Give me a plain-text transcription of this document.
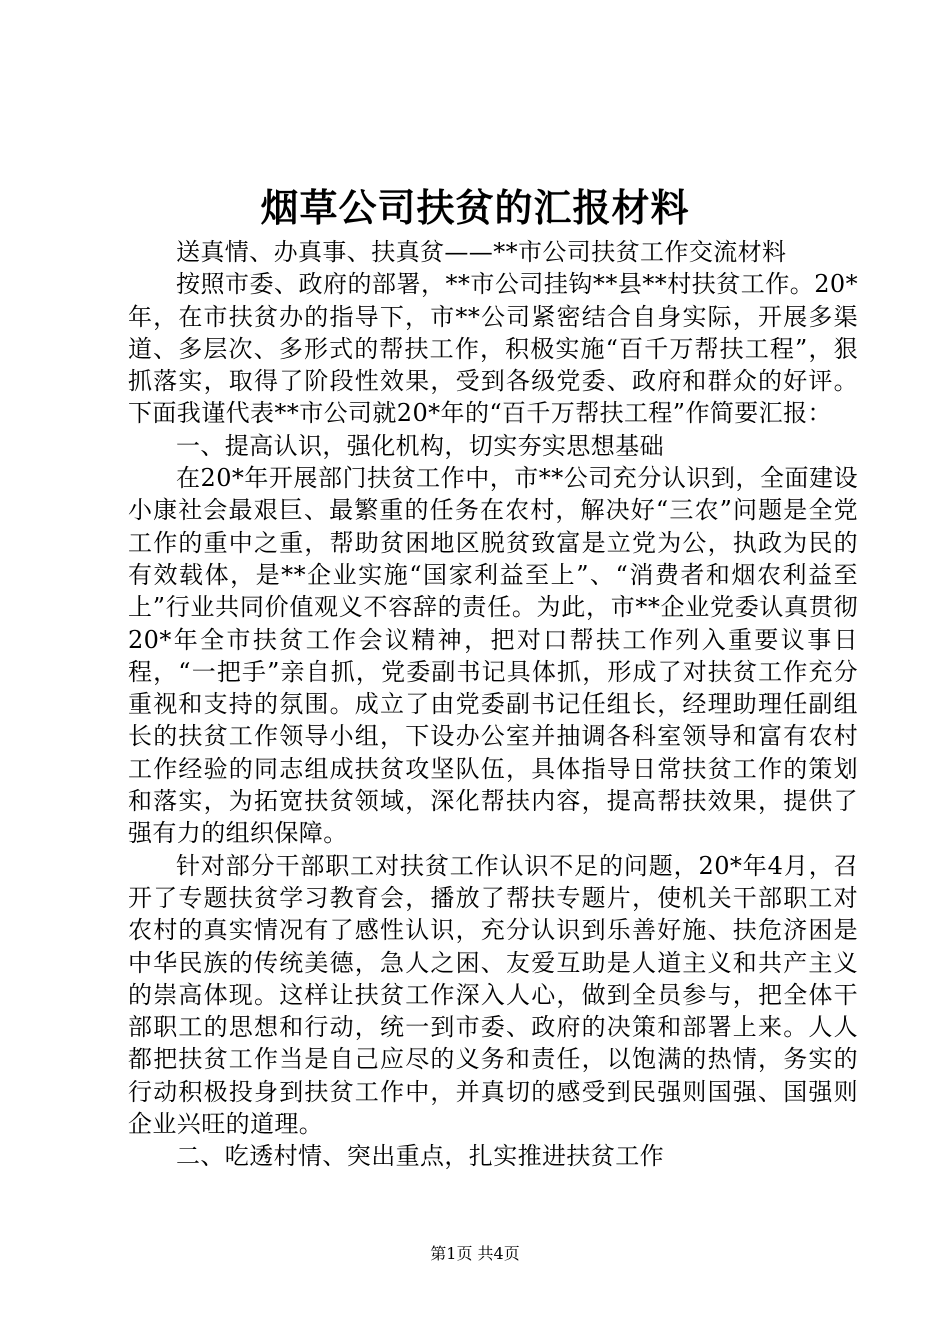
烟草公司扶贫的汇报材料

送真情、办真事、扶真贫——**市公司扶贫工作交流材料

按照市委、政府的部署，**市公司挂钩**县**村扶贫工作。20*年，在市扶贫办的指导下，市**公司紧密结合自身实际，开展多渠道、多层次、多形式的帮扶工作，积极实施“百千万帮扶工程”，狠抓落实，取得了阶段性效果，受到各级党委、政府和群众的好评。下面我谨代表**市公司就20*年的“百千万帮扶工程”作简要汇报：

一、提高认识，强化机构，切实夯实思想基础

在20*年开展部门扶贫工作中，市**公司充分认识到，全面建设小康社会最艰巨、最繁重的任务在农村，解决好“三农”问题是全党工作的重中之重，帮助贫困地区脱贫致富是立党为公，执政为民的有效载体，是**企业实施“国家利益至上”、“消费者和烟农利益至上”行业共同价值观义不容辞的责任。为此，市**企业党委认真贯彻20*年全市扶贫工作会议精神，把对口帮扶工作列入重要议事日程，“一把手”亲自抓，党委副书记具体抓，形成了对扶贫工作充分重视和支持的氛围。成立了由党委副书记任组长，经理助理任副组长的扶贫工作领导小组，下设办公室并抽调各科室领导和富有农村工作经验的同志组成扶贫攻坚队伍，具体指导日常扶贫工作的策划和落实，为拓宽扶贫领域，深化帮扶内容，提高帮扶效果，提供了强有力的组织保障。

针对部分干部职工对扶贫工作认识不足的问题，20*年4月，召开了专题扶贫学习教育会，播放了帮扶专题片，使机关干部职工对农村的真实情况有了感性认识，充分认识到乐善好施、扶危济困是中华民族的传统美德，急人之困、友爱互助是人道主义和共产主义的崇高体现。这样让扶贫工作深入人心，做到全员参与，把全体干部职工的思想和行动，统一到市委、政府的决策和部署上来。人人都把扶贫工作当是自己应尽的义务和责任，以饱满的热情，务实的行动积极投身到扶贫工作中，并真切的感受到民强则国强、国强则企业兴旺的道理。

二、吃透村情、突出重点，扎实推进扶贫工作

第1页 共4页
